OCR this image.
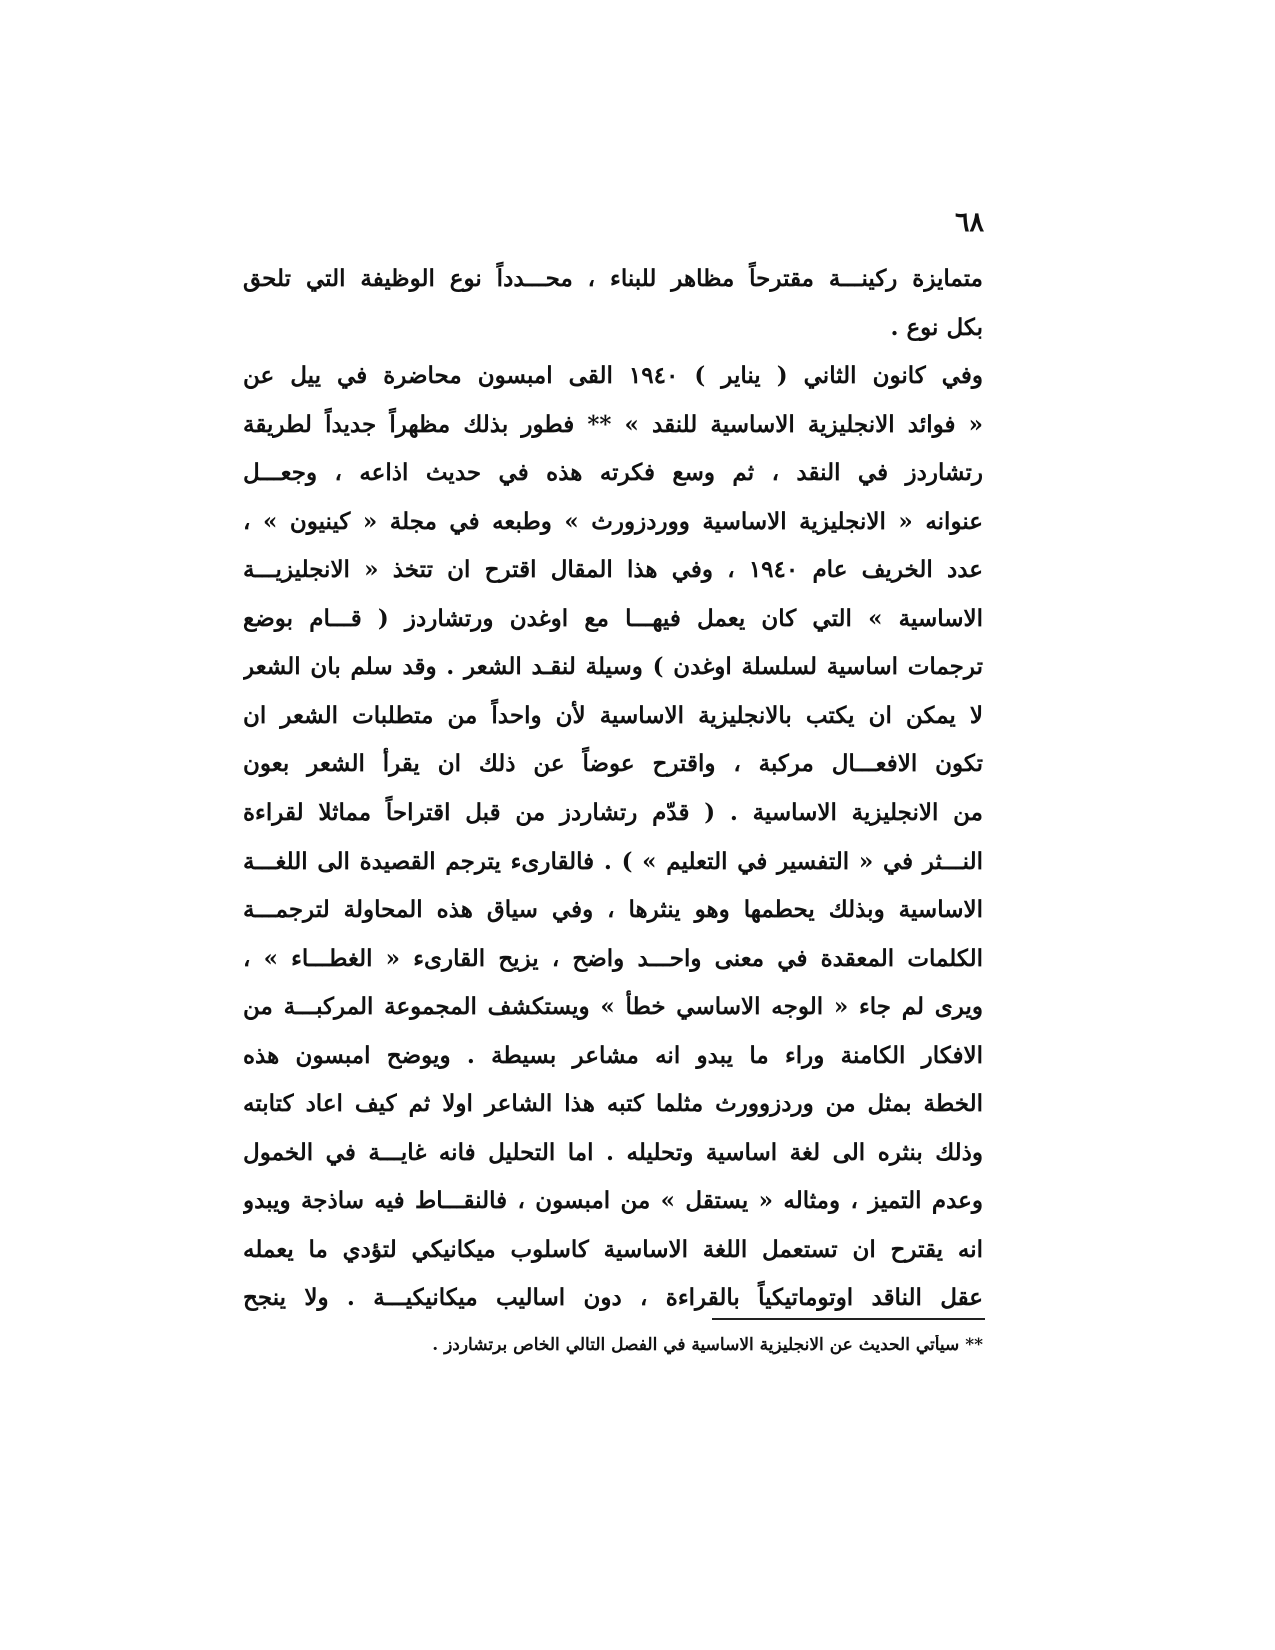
٦٨
متمايزة ركينـــة مقترحاً مظاهر للبناء ، محـــدداً نوع الوظيفة التي تلحق
بكل نوع .
وفي كانون الثاني ( يناير ) ١٩٤٠ القى امبسون محاضرة في ييل عن
« فوائد الانجليزية الاساسية للنقد » ** فطور بذلك مظهراً جديداً لطريقة
رتشاردز في النقد ، ثم وسع فكرته هذه في حديث اذاعه ، وجعـــل
عنوانه « الانجليزية الاساسية ووردزورث » وطبعه في مجلة « كينيون » ،
عدد الخريف عام ١٩٤٠ ، وفي هذا المقال اقترح ان تتخذ « الانجليزيـــة
الاساسية » التي كان يعمل فيهـــا مع اوغدن ورتشاردز ( قـــام بوضع
ترجمات اساسية لسلسلة اوغدن ) وسيلة لنقـد الشعر . وقد سلم بان الشعر
لا يمكن ان يكتب بالانجليزية الاساسية لأن واحداً من متطلبات الشعر ان
تكون الافعـــال مركبة ، واقترح عوضاً عن ذلك ان يقرأ الشعر بعون
من الانجليزية الاساسية . ( قدّم رتشاردز من قبل اقتراحاً مماثلا لقراءة
النـــثر في « التفسير في التعليم » ) . فالقارىء يترجم القصيدة الى اللغـــة
الاساسية وبذلك يحطمها وهو ينثرها ، وفي سياق هذه المحاولة لترجمـــة
الكلمات المعقدة في معنى واحـــد واضح ، يزيح القارىء « الغطـــاء » ،
ويرى لم جاء « الوجه الاساسي خطأ » ويستكشف المجموعة المركبـــة من
الافكار الكامنة وراء ما يبدو انه مشاعر بسيطة . ويوضح امبسون هذه
الخطة بمثل من وردزوورث مثلما كتبه هذا الشاعر اولا ثم كيف اعاد كتابته
وذلك بنثره الى لغة اساسية وتحليله . اما التحليل فانه غايـــة في الخمول
وعدم التميز ، ومثاله « يستقل » من امبسون ، فالنقـــاط فيه ساذجة ويبدو
انه يقترح ان تستعمل اللغة الاساسية كاسلوب ميكانيكي لتؤدي ما يعمله
عقل الناقد اوتوماتيكياً بالقراءة ، دون اساليب ميكانيكيـــة . ولا ينجح
** سيأتي الحديث عن الانجليزية الاساسية في الفصل التالي الخاص برتشاردز .
